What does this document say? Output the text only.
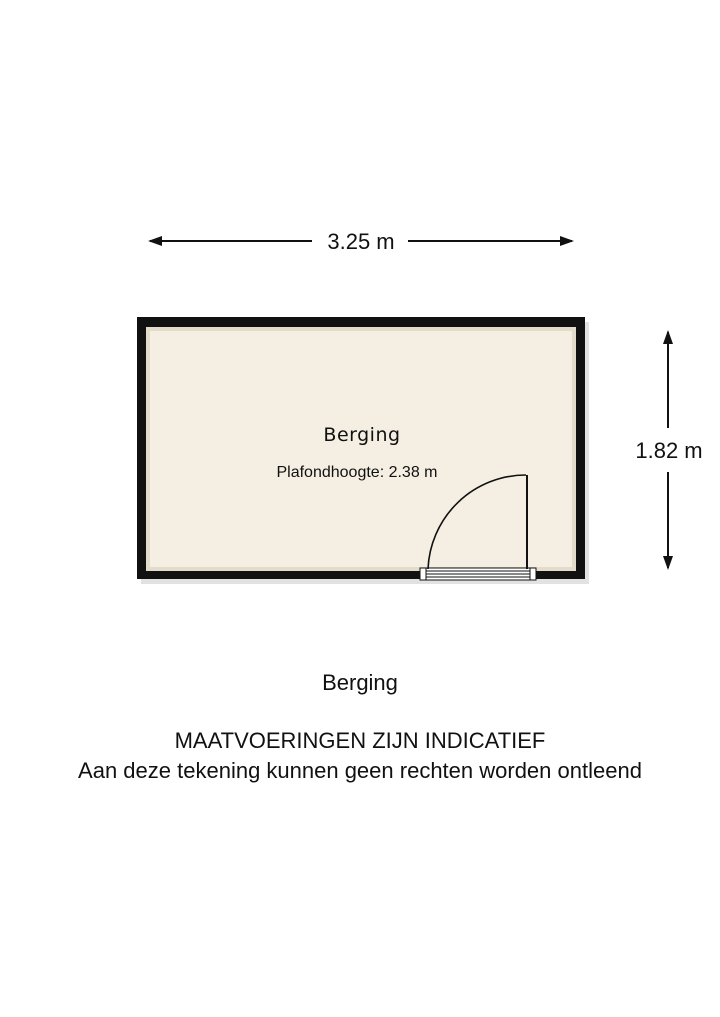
3.25 m
1.82 m
Berging
Plafondhoogte: 2.38 m
Berging
MAATVOERINGEN ZIJN INDICATIEF
Aan deze tekening kunnen geen rechten worden ontleend
